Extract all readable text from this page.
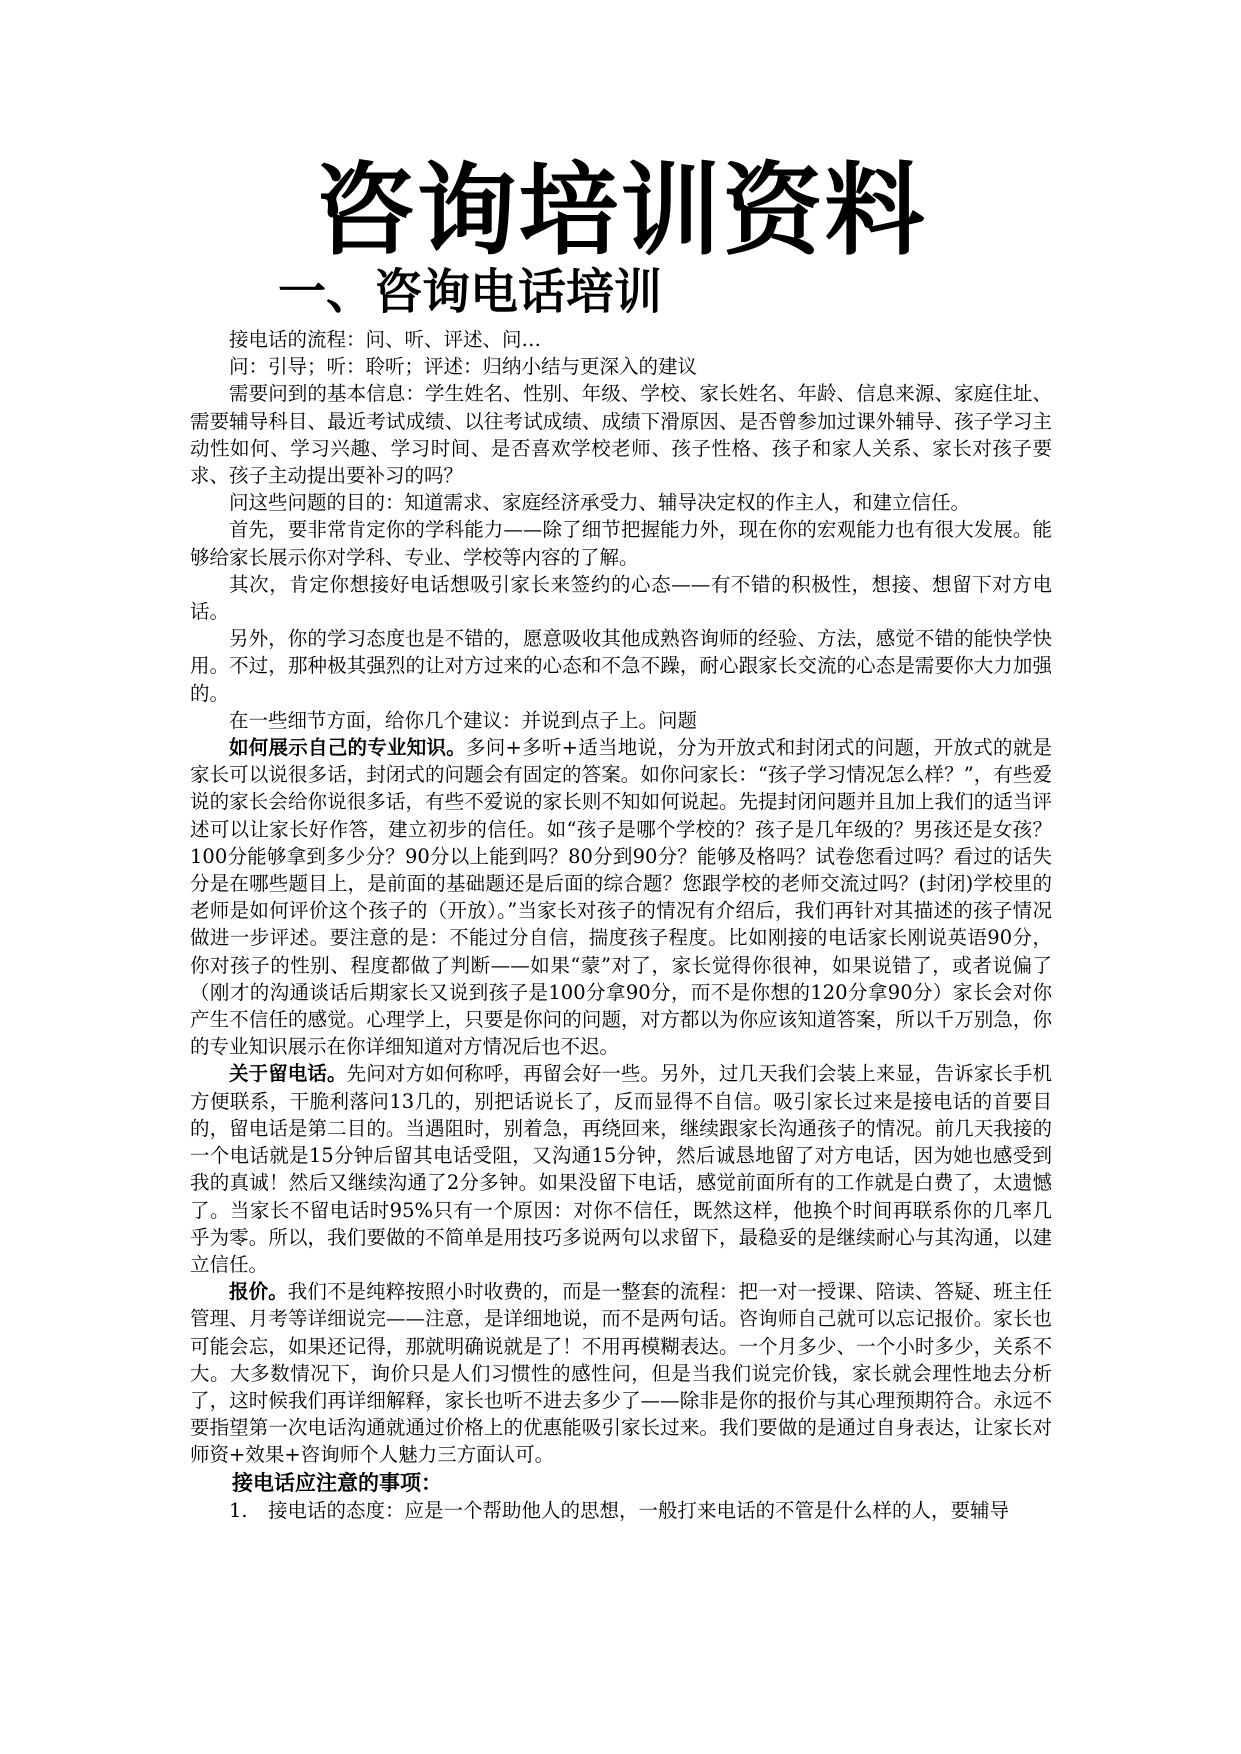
咨询培训资料
一、咨询电话培训

接电话的流程：问、听、评述、问…

问：引导；听：聆听；评述：归纳小结与更深入的建议

需要问到的基本信息：学生姓名、性别、年级、学校、家长姓名、年龄、信息来源、家庭住址、需要辅导科目、最近考试成绩、以往考试成绩、成绩下滑原因、是否曾参加过课外辅导、孩子学习主动性如何、学习兴趣、学习时间、是否喜欢学校老师、孩子性格、孩子和家人关系、家长对孩子要求、孩子主动提出要补习的吗？

问这些问题的目的：知道需求、家庭经济承受力、辅导决定权的作主人，和建立信任。

首先，要非常肯定你的学科能力——除了细节把握能力外，现在你的宏观能力也有很大发展。能够给家长展示你对学科、专业、学校等内容的了解。

其次，肯定你想接好电话想吸引家长来签约的心态——有不错的积极性，想接、想留下对方电话。

另外，你的学习态度也是不错的，愿意吸收其他成熟咨询师的经验、方法，感觉不错的能快学快用。不过，那种极其强烈的让对方过来的心态和不急不躁，耐心跟家长交流的心态是需要你大力加强的。

在一些细节方面，给你几个建议：并说到点子上。问题

如何展示自己的专业知识。多问+多听+适当地说，分为开放式和封闭式的问题，开放式的就是家长可以说很多话，封闭式的问题会有固定的答案。如你问家长：“孩子学习情况怎么样？”，有些爱说的家长会给你说很多话，有些不爱说的家长则不知如何说起。先提封闭问题并且加上我们的适当评述可以让家长好作答，建立初步的信任。如“孩子是哪个学校的？孩子是几年级的？男孩还是女孩？100分能够拿到多少分？90分以上能到吗？80分到90分？能够及格吗？试卷您看过吗？看过的话失分是在哪些题目上，是前面的基础题还是后面的综合题？您跟学校的老师交流过吗？(封闭)学校里的老师是如何评价这个孩子的（开放）。”当家长对孩子的情况有介绍后，我们再针对其描述的孩子情况做进一步评述。要注意的是：不能过分自信，揣度孩子程度。比如刚接的电话家长刚说英语90分，你对孩子的性别、程度都做了判断——如果“蒙”对了，家长觉得你很神，如果说错了，或者说偏了（刚才的沟通谈话后期家长又说到孩子是100分拿90分，而不是你想的120分拿90分）家长会对你产生不信任的感觉。心理学上，只要是你问的问题，对方都以为你应该知道答案，所以千万别急，你的专业知识展示在你详细知道对方情况后也不迟。

关于留电话。先问对方如何称呼，再留会好一些。另外，过几天我们会装上来显，告诉家长手机方便联系，干脆利落问13几的，别把话说长了，反而显得不自信。吸引家长过来是接电话的首要目的，留电话是第二目的。当遇阻时，别着急，再绕回来，继续跟家长沟通孩子的情况。前几天我接的一个电话就是15分钟后留其电话受阻，又沟通15分钟，然后诚恳地留了对方电话，因为她也感受到我的真诚！然后又继续沟通了2分多钟。如果没留下电话，感觉前面所有的工作就是白费了，太遗憾了。当家长不留电话时95%只有一个原因：对你不信任，既然这样，他换个时间再联系你的几率几乎为零。所以，我们要做的不简单是用技巧多说两句以求留下，最稳妥的是继续耐心与其沟通，以建立信任。

报价。我们不是纯粹按照小时收费的，而是一整套的流程：把一对一授课、陪读、答疑、班主任管理、月考等详细说完——注意，是详细地说，而不是两句话。咨询师自己就可以忘记报价。家长也可能会忘，如果还记得，那就明确说就是了！不用再模糊表达。一个月多少、一个小时多少，关系不大。大多数情况下，询价只是人们习惯性的感性问，但是当我们说完价钱，家长就会理性地去分析了，这时候我们再详细解释，家长也听不进去多少了——除非是你的报价与其心理预期符合。永远不要指望第一次电话沟通就通过价格上的优惠能吸引家长过来。我们要做的是通过自身表达，让家长对师资+效果+咨询师个人魅力三方面认可。

接电话应注意的事项：

1.	接电话的态度：应是一个帮助他人的思想，一般打来电话的不管是什么样的人，要辅导
